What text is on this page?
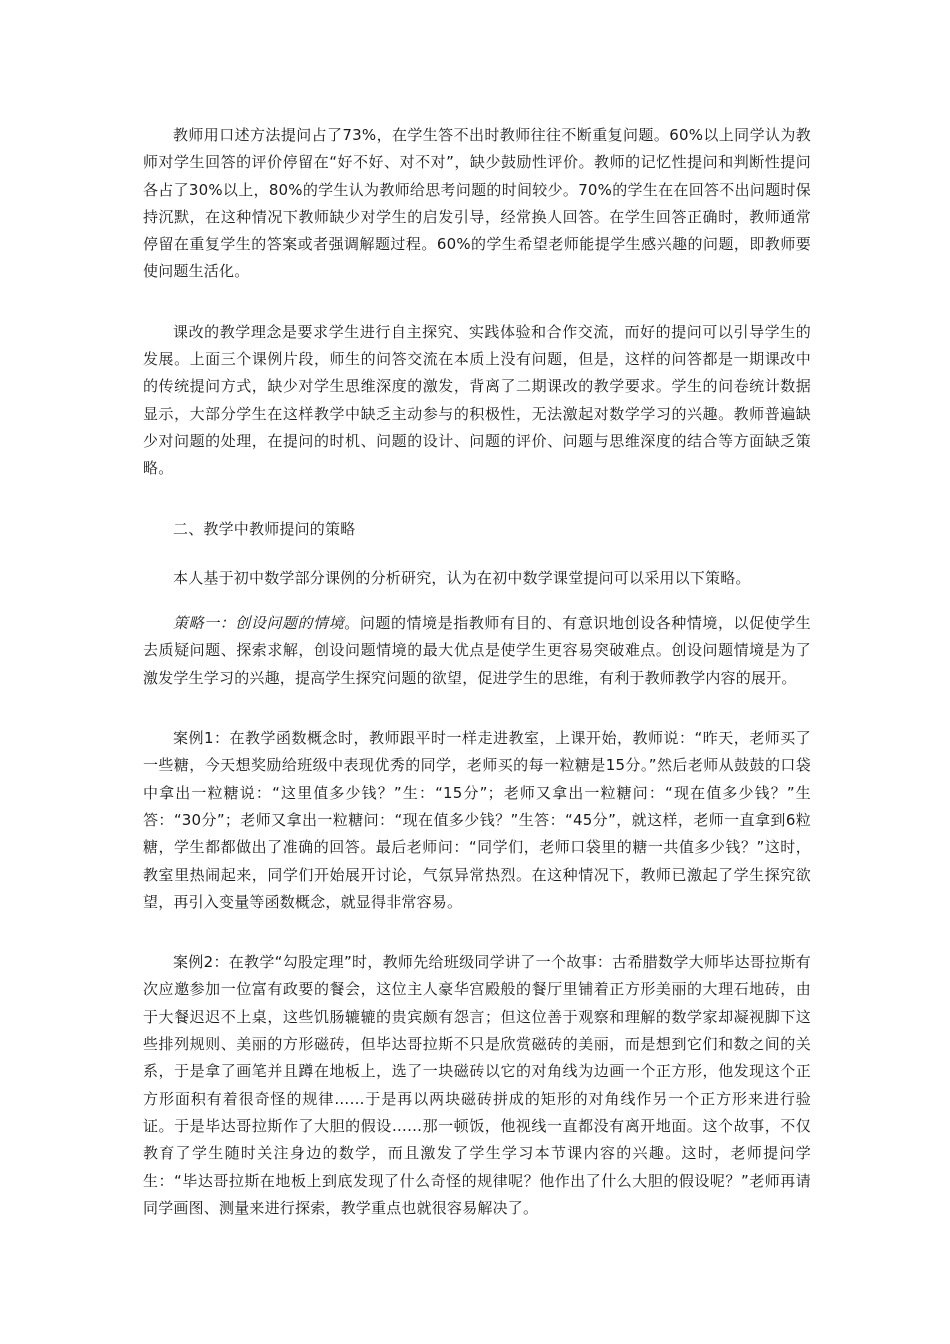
教师用口述方法提问占了73%，在学生答不出时教师往往不断重复问题。60%以上同学认为教师对学生回答的评价停留在“好不好、对不对”，缺少鼓励性评价。教师的记忆性提问和判断性提问各占了30%以上，80%的学生认为教师给思考问题的时间较少。70%的学生在在回答不出问题时保持沉默，在这种情况下教师缺少对学生的启发引导，经常换人回答。在学生回答正确时，教师通常停留在重复学生的答案或者强调解题过程。60%的学生希望老师能提学生感兴趣的问题，即教师要使问题生活化。

课改的教学理念是要求学生进行自主探究、实践体验和合作交流，而好的提问可以引导学生的发展。上面三个课例片段，师生的问答交流在本质上没有问题，但是，这样的问答都是一期课改中的传统提问方式，缺少对学生思维深度的激发，背离了二期课改的教学要求。学生的问卷统计数据显示，大部分学生在这样教学中缺乏主动参与的积极性，无法激起对数学学习的兴趣。教师普遍缺少对问题的处理，在提问的时机、问题的设计、问题的评价、问题与思维深度的结合等方面缺乏策略。

二、教学中教师提问的策略

本人基于初中数学部分课例的分析研究，认为在初中数学课堂提问可以采用以下策略。

策略一：创设问题的情境。问题的情境是指教师有目的、有意识地创设各种情境，以促使学生去质疑问题、探索求解，创设问题情境的最大优点是使学生更容易突破难点。创设问题情境是为了激发学生学习的兴趣，提高学生探究问题的欲望，促进学生的思维，有利于教师教学内容的展开。

案例1：在教学函数概念时，教师跟平时一样走进教室，上课开始，教师说：“昨天，老师买了一些糖，今天想奖励给班级中表现优秀的同学，老师买的每一粒糖是15分。”然后老师从鼓鼓的口袋中拿出一粒糖说：“这里值多少钱？”生：“15分”；老师又拿出一粒糖问：“现在值多少钱？”生答：“30分”；老师又拿出一粒糖问：“现在值多少钱？”生答：“45分”，就这样，老师一直拿到6粒糖，学生都都做出了准确的回答。最后老师问：“同学们，老师口袋里的糖一共值多少钱？”这时，教室里热闹起来，同学们开始展开讨论，气氛异常热烈。在这种情况下，教师已激起了学生探究欲望，再引入变量等函数概念，就显得非常容易。

案例2：在教学“勾股定理”时，教师先给班级同学讲了一个故事：古希腊数学大师毕达哥拉斯有次应邀参加一位富有政要的餐会，这位主人豪华宫殿般的餐厅里铺着正方形美丽的大理石地砖，由于大餐迟迟不上桌，这些饥肠辘辘的贵宾颇有怨言；但这位善于观察和理解的数学家却凝视脚下这些排列规则、美丽的方形磁砖，但毕达哥拉斯不只是欣赏磁砖的美丽，而是想到它们和数之间的关系，于是拿了画笔并且蹲在地板上，选了一块磁砖以它的对角线为边画一个正方形，他发现这个正方形面积有着很奇怪的规律……于是再以两块磁砖拼成的矩形的对角线作另一个正方形来进行验证。于是毕达哥拉斯作了大胆的假设……那一顿饭，他视线一直都没有离开地面。这个故事，不仅教育了学生随时关注身边的数学，而且激发了学生学习本节课内容的兴趣。这时，老师提问学生：“毕达哥拉斯在地板上到底发现了什么奇怪的规律呢？他作出了什么大胆的假设呢？”老师再请同学画图、测量来进行探索，教学重点也就很容易解决了。
